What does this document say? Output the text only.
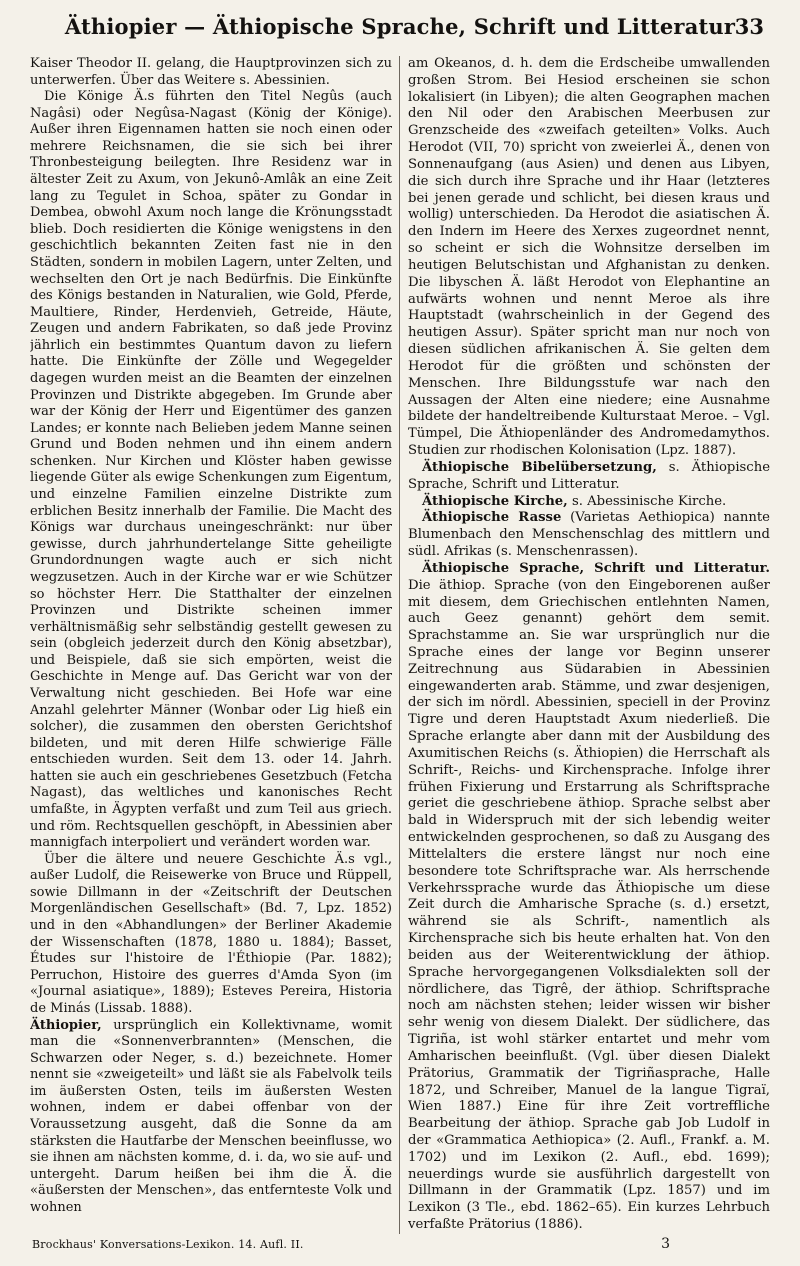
Äthiopier — Äthiopische Sprache, Schrift und Litteratur 33

Kaiser Theodor II. gelang, die Hauptprovinzen sich zu unterwerfen. Über das Weitere s. Abessinien.

Die Könige Ä.s führten den Titel Negûs (auch Nagâsi) oder Negûsa-Nagast (König der Könige). Außer ihren Eigennamen hatten sie noch einen oder mehrere Reichsnamen, die sie sich bei ihrer Thronbesteigung beilegten. Ihre Residenz war in ältester Zeit zu Axum, von Jekunô-Amlâk an eine Zeit lang zu Tegulet in Schoa, später zu Gondar in Dembea, obwohl Axum noch lange die Krönungsstadt blieb. Doch residierten die Könige wenigstens in den geschichtlich bekannten Zeiten fast nie in den Städten, sondern in mobilen Lagern, unter Zelten, und wechselten den Ort je nach Bedürfnis. Die Einkünfte des Königs bestanden in Naturalien, wie Gold, Pferde, Maultiere, Rinder, Herdenvieh, Getreide, Häute, Zeugen und andern Fabrikaten, so daß jede Provinz jährlich ein bestimmtes Quantum davon zu liefern hatte. Die Einkünfte der Zölle und Wegegelder dagegen wurden meist an die Beamten der einzelnen Provinzen und Distrikte abgegeben. Im Grunde aber war der König der Herr und Eigentümer des ganzen Landes; er konnte nach Belieben jedem Manne seinen Grund und Boden nehmen und ihn einem andern schenken. Nur Kirchen und Klöster haben gewisse liegende Güter als ewige Schenkungen zum Eigentum, und einzelne Familien einzelne Distrikte zum erblichen Besitz innerhalb der Familie. Die Macht des Königs war durchaus uneingeschränkt: nur über gewisse, durch jahrhundertelange Sitte geheiligte Grundordnungen wagte auch er sich nicht wegzusetzen. Auch in der Kirche war er wie Schützer so höchster Herr. Die Statthalter der einzelnen Provinzen und Distrikte scheinen immer verhältnismäßig sehr selbständig gestellt gewesen zu sein (obgleich jederzeit durch den König absetzbar), und Beispiele, daß sie sich empörten, weist die Geschichte in Menge auf. Das Gericht war von der Verwaltung nicht geschieden. Bei Hofe war eine Anzahl gelehrter Männer (Wonbar oder Lig hieß ein solcher), die zusammen den obersten Gerichtshof bildeten, und mit deren Hilfe schwierige Fälle entschieden wurden. Seit dem 13. oder 14. Jahrh. hatten sie auch ein geschriebenes Gesetzbuch (Fetcha Nagast), das weltliches und kanonisches Recht umfaßte, in Ägypten verfaßt und zum Teil aus griech. und röm. Rechtsquellen geschöpft, in Abessinien aber mannigfach interpoliert und verändert worden war.

Über die ältere und neuere Geschichte Ä.s vgl., außer Ludolf, die Reisewerke von Bruce und Rüppell, sowie Dillmann in der «Zeitschrift der Deutschen Morgenländischen Gesellschaft» (Bd. 7, Lpz. 1852) und in den «Abhandlungen» der Berliner Akademie der Wissenschaften (1878, 1880 u. 1884); Basset, Études sur l'histoire de l'Éthiopie (Par. 1882); Perruchon, Histoire des guerres d'Amda Syon (im «Journal asiatique», 1889); Esteves Pereira, Historia de Minás (Lissab. 1888).

Äthiopier, ursprünglich ein Kollektivname, womit man die «Sonnenverbrannten» (Menschen, die Schwarzen oder Neger, s. d.) bezeichnete. Homer nennt sie «zweigeteilt» und läßt sie als Fabelvolk teils im äußersten Osten, teils im äußersten Westen wohnen, indem er dabei offenbar von der Voraussetzung ausgeht, daß die Sonne da am stärksten die Hautfarbe der Menschen beeinflusse, wo sie ihnen am nächsten komme, d. i. da, wo sie auf- und untergeht. Darum heißen bei ihm die Ä. die «äußersten der Menschen», das entfernteste Volk und wohnen

am Okeanos, d. h. dem die Erdscheibe umwallenden großen Strom. Bei Hesiod erscheinen sie schon lokalisiert (in Libyen); die alten Geographen machen den Nil oder den Arabischen Meerbusen zur Grenzscheide des «zweifach geteilten» Volks. Auch Herodot (VII, 70) spricht von zweierlei Ä., denen von Sonnenaufgang (aus Asien) und denen aus Libyen, die sich durch ihre Sprache und ihr Haar (letzteres bei jenen gerade und schlicht, bei diesen kraus und wollig) unterschieden. Da Herodot die asiatischen Ä. den Indern im Heere des Xerxes zugeordnet nennt, so scheint er sich die Wohnsitze derselben im heutigen Belutschistan und Afghanistan zu denken. Die libyschen Ä. läßt Herodot von Elephantine an aufwärts wohnen und nennt Meroe als ihre Hauptstadt (wahrscheinlich in der Gegend des heutigen Assur). Später spricht man nur noch von diesen südlichen afrikanischen Ä. Sie gelten dem Herodot für die größten und schönsten der Menschen. Ihre Bildungsstufe war nach den Aussagen der Alten eine niedere; eine Ausnahme bildete der handeltreibende Kulturstaat Meroe. – Vgl. Tümpel, Die Äthiopenländer des Andromedamythos. Studien zur rhodischen Kolonisation (Lpz. 1887).

Äthiopische Bibelübersetzung, s. Äthiopische Sprache, Schrift und Litteratur.

Äthiopische Kirche, s. Abessinische Kirche.

Äthiopische Rasse (Varietas Aethiopica) nannte Blumenbach den Menschenschlag des mittlern und südl. Afrikas (s. Menschenrassen).

Äthiopische Sprache, Schrift und Litteratur. Die äthiop. Sprache (von den Eingeborenen außer mit diesem, dem Griechischen entlehnten Namen, auch Geez genannt) gehört dem semit. Sprachstamme an. Sie war ursprünglich nur die Sprache eines der lange vor Beginn unserer Zeitrechnung aus Südarabien in Abessinien eingewanderten arab. Stämme, und zwar desjenigen, der sich im nördl. Abessinien, speciell in der Provinz Tigre und deren Hauptstadt Axum niederließ. Die Sprache erlangte aber dann mit der Ausbildung des Axumitischen Reichs (s. Äthiopien) die Herrschaft als Schrift-, Reichs- und Kirchensprache. Infolge ihrer frühen Fixierung und Erstarrung als Schriftsprache geriet die geschriebene äthiop. Sprache selbst aber bald in Widerspruch mit der sich lebendig weiter entwickelnden gesprochenen, so daß zu Ausgang des Mittelalters die erstere längst nur noch eine besondere tote Schriftsprache war. Als herrschende Verkehrssprache wurde das Äthiopische um diese Zeit durch die Amharische Sprache (s. d.) ersetzt, während sie als Schrift-, namentlich als Kirchensprache sich bis heute erhalten hat. Von den beiden aus der Weiterentwicklung der äthiop. Sprache hervorgegangenen Volksdialekten soll der nördlichere, das Tigrê, der äthiop. Schriftsprache noch am nächsten stehen; leider wissen wir bisher sehr wenig von diesem Dialekt. Der südlichere, das Tigriña, ist wohl stärker entartet und mehr vom Amharischen beeinflußt. (Vgl. über diesen Dialekt Prätorius, Grammatik der Tigriñasprache, Halle 1872, und Schreiber, Manuel de la langue Tigraï, Wien 1887.) Eine für ihre Zeit vortreffliche Bearbeitung der äthiop. Sprache gab Job Ludolf in der «Grammatica Aethiopica» (2. Aufl., Frankf. a. M. 1702) und im Lexikon (2. Aufl., ebd. 1699); neuerdings wurde sie ausführlich dargestellt von Dillmann in der Grammatik (Lpz. 1857) und im Lexikon (3 Tle., ebd. 1862–65). Ein kurzes Lehrbuch verfaßte Prätorius (1886).

Brockhaus' Konversations-Lexikon. 14. Aufl. II.	3
